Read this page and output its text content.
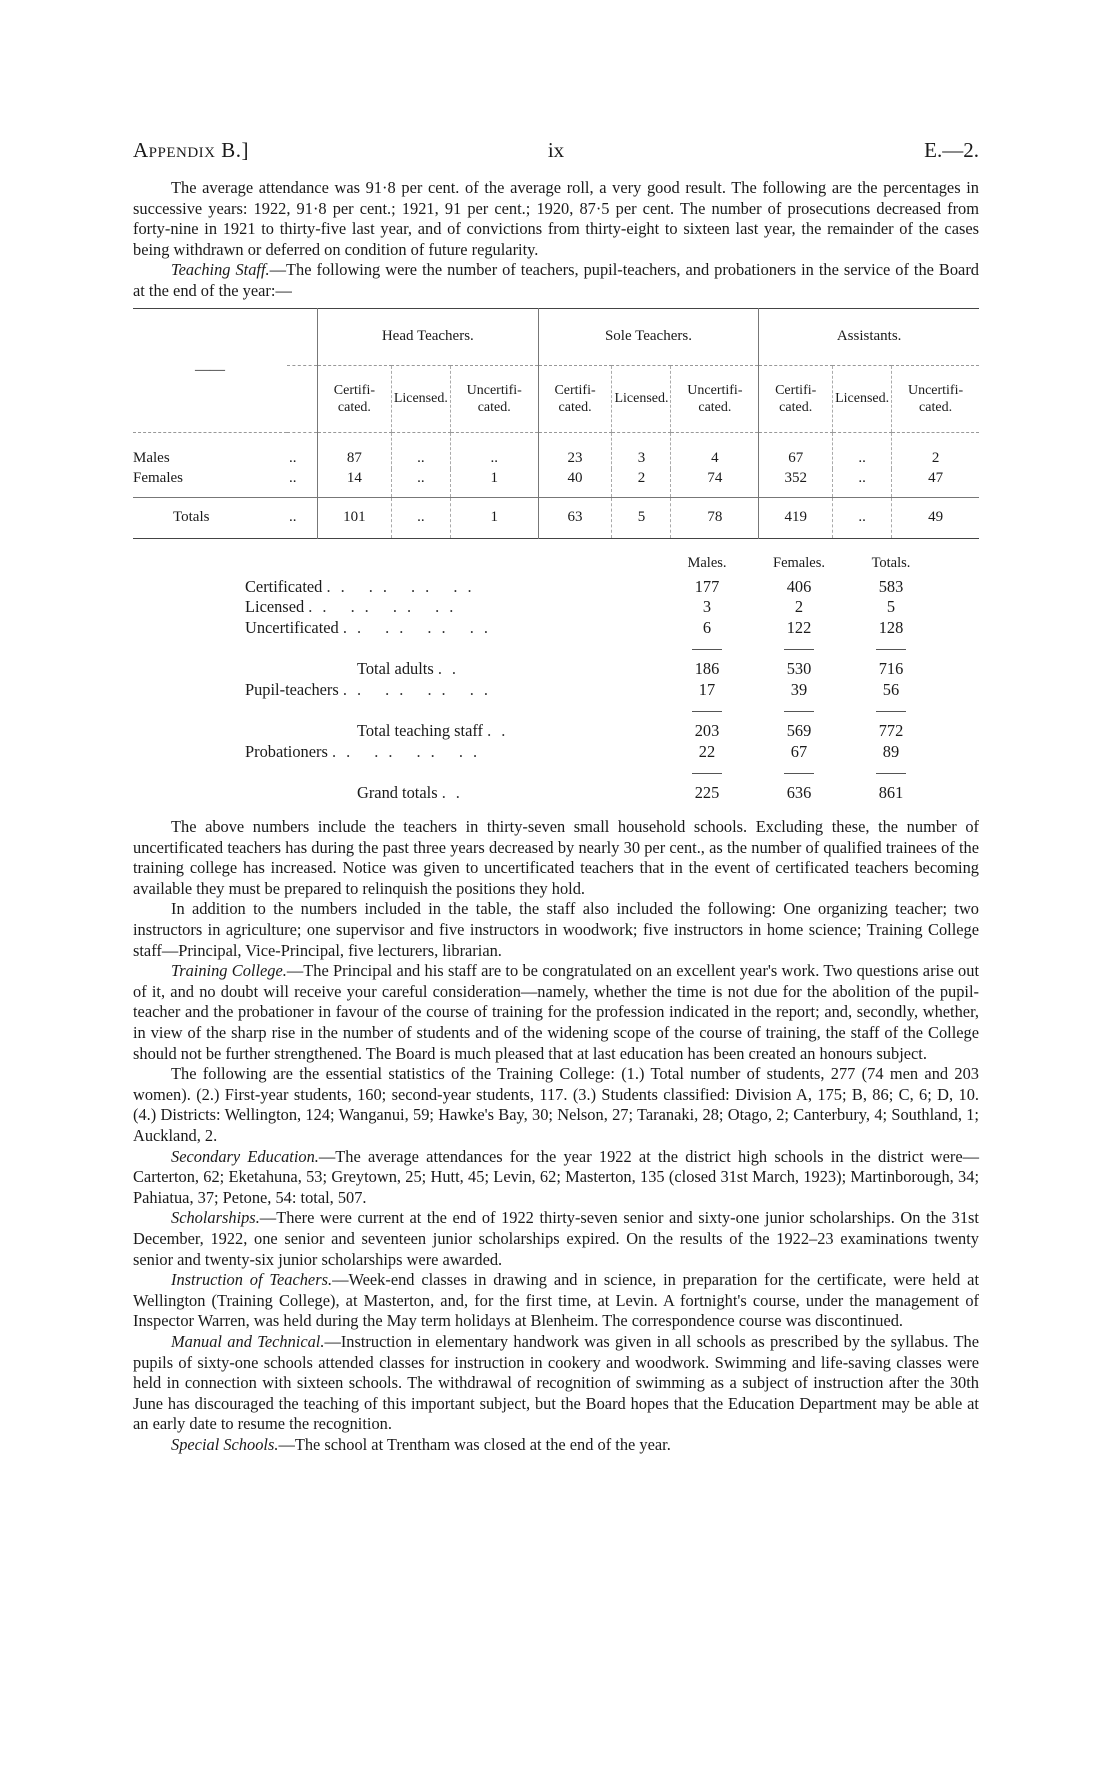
Appendix B.]	ix	E.—2.

The average attendance was 91·8 per cent. of the average roll, a very good result. The following are the percentages in successive years: 1922, 91·8 per cent.; 1921, 91 per cent.; 1920, 87·5 per cent. The number of prosecutions decreased from forty-nine in 1921 to thirty-five last year, and of convictions from thirty-eight to sixteen last year, the remainder of the cases being withdrawn or deferred on condition of future regularity.

Teaching Staff.—The following were the number of teachers, pupil-teachers, and probationers in the service of the Board at the end of the year:—

——		Head Teachers.			Sole Teachers.			Assistants.		
		Certifi-cated.	Licensed.	Uncertifi-cated.	Certifi-cated.	Licensed.	Uncertifi-cated.	Certifi-cated.	Licensed.	Uncertifi-cated.
Males	..	87	..	..	23	3	4	67	..	2
Females	..	14	..	1	40	2	74	352	..	47
Totals	..	101	..	1	63	5	78	419	..	49
	Males.	Females.	Totals.
Certificated .. .. .. ..	177	406	583
Licensed .. .. .. ..	3	2	5
Uncertificated .. .. .. ..	6	122	128

Total adults ..	186	530	716
Pupil-teachers .. .. .. ..	17	39	56

Total teaching staff ..	203	569	772
Probationers .. .. .. ..	22	67	89

Grand totals ..	225	636	861

The above numbers include the teachers in thirty-seven small household schools. Excluding these, the number of uncertificated teachers has during the past three years decreased by nearly 30 per cent., as the number of qualified trainees of the training college has increased. Notice was given to uncertificated teachers that in the event of certificated teachers becoming available they must be prepared to relinquish the positions they hold.

In addition to the numbers included in the table, the staff also included the following: One organizing teacher; two instructors in agriculture; one supervisor and five instructors in woodwork; five instructors in home science; Training College staff—Principal, Vice-Principal, five lecturers, librarian.

Training College.—The Principal and his staff are to be congratulated on an excellent year's work. Two questions arise out of it, and no doubt will receive your careful consideration—namely, whether the time is not due for the abolition of the pupil-teacher and the probationer in favour of the course of training for the profession indicated in the report; and, secondly, whether, in view of the sharp rise in the number of students and of the widening scope of the course of training, the staff of the College should not be further strengthened. The Board is much pleased that at last education has been created an honours subject.

The following are the essential statistics of the Training College: (1.) Total number of students, 277 (74 men and 203 women). (2.) First-year students, 160; second-year students, 117. (3.) Students classified: Division A, 175; B, 86; C, 6; D, 10. (4.) Districts: Wellington, 124; Wanganui, 59; Hawke's Bay, 30; Nelson, 27; Taranaki, 28; Otago, 2; Canterbury, 4; Southland, 1; Auckland, 2.

Secondary Education.—The average attendances for the year 1922 at the district high schools in the district were—Carterton, 62; Eketahuna, 53; Greytown, 25; Hutt, 45; Levin, 62; Masterton, 135 (closed 31st March, 1923); Martinborough, 34; Pahiatua, 37; Petone, 54: total, 507.

Scholarships.—There were current at the end of 1922 thirty-seven senior and sixty-one junior scholarships. On the 31st December, 1922, one senior and seventeen junior scholarships expired. On the results of the 1922–23 examinations twenty senior and twenty-six junior scholarships were awarded.

Instruction of Teachers.—Week-end classes in drawing and in science, in preparation for the certificate, were held at Wellington (Training College), at Masterton, and, for the first time, at Levin. A fortnight's course, under the management of Inspector Warren, was held during the May term holidays at Blenheim. The correspondence course was discontinued.

Manual and Technical.—Instruction in elementary handwork was given in all schools as prescribed by the syllabus. The pupils of sixty-one schools attended classes for instruction in cookery and woodwork. Swimming and life-saving classes were held in connection with sixteen schools. The withdrawal of recognition of swimming as a subject of instruction after the 30th June has discouraged the teaching of this important subject, but the Board hopes that the Education Department may be able at an early date to resume the recognition.

Special Schools.—The school at Trentham was closed at the end of the year.
